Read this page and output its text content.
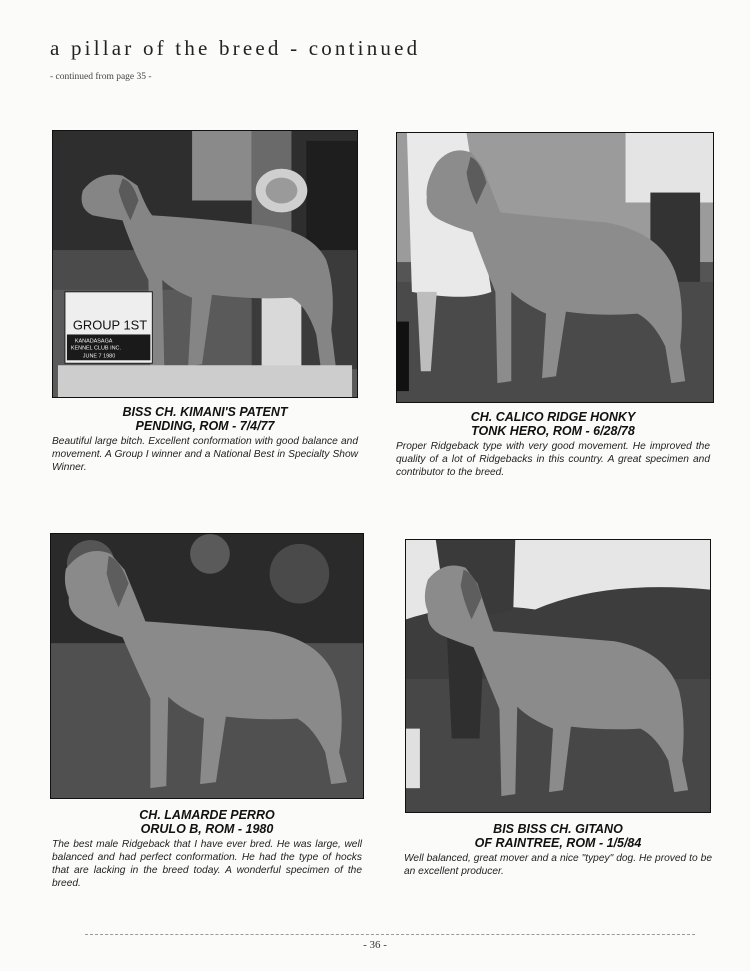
a pillar of the breed - continued
- continued from page 35 -
GROUP 1ST
KANADASAGA
KENNEL CLUB INC.
JUNE 7 1980
BISS CH. KIMANI'S PATENT
PENDING, ROM - 7/4/77
Beautiful large bitch. Excellent conformation with good balance and movement. A Group I winner and a National Best in Specialty Show Winner.
CH. CALICO RIDGE HONKY
TONK HERO, ROM - 6/28/78
Proper Ridgeback type with very good movement. He improved the quality of a lot of Ridgebacks in this country. A great specimen and contributor to the breed.
CH. LAMARDE PERRO
ORULO B, ROM - 1980
The best male Ridgeback that I have ever bred. He was large, well balanced and had perfect conformation. He had the type of hocks that are lacking in the breed today. A wonderful specimen of the breed.
BIS BISS CH. GITANO
OF RAINTREE, ROM - 1/5/84
Well balanced, great mover and a nice "typey" dog. He proved to be an excellent producer.
- 36 -
